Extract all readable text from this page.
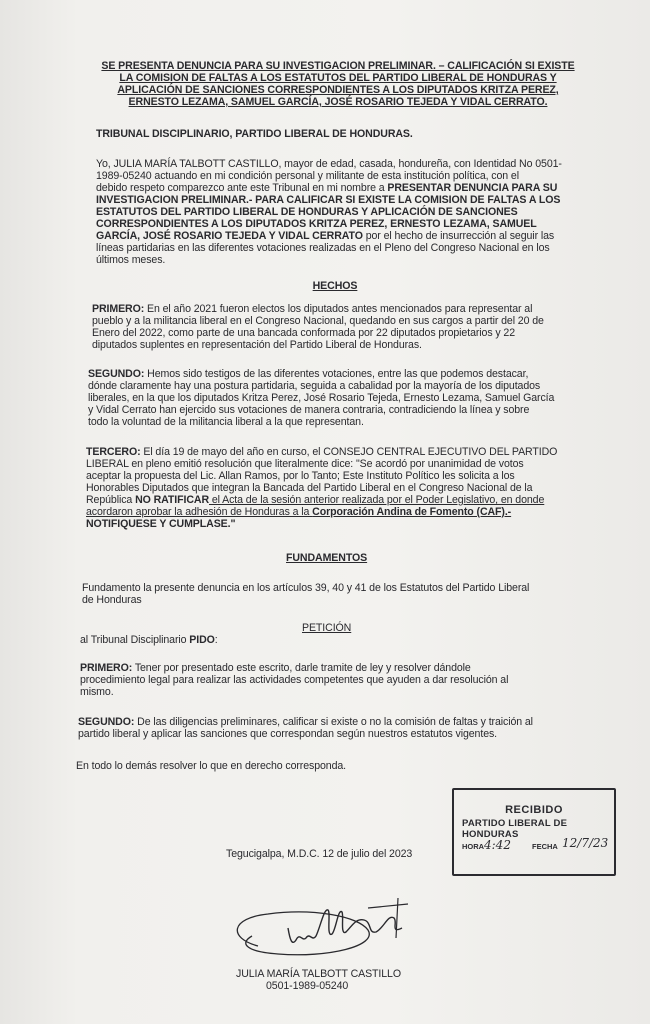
SE PRESENTA DENUNCIA PARA SU INVESTIGACION PRELIMINAR. – CALIFICACIÓN SI EXISTE
LA COMISION DE FALTAS A LOS ESTATUTOS DEL PARTIDO LIBERAL DE HONDURAS Y
APLICACIÓN DE SANCIONES CORRESPONDIENTES A LOS DIPUTADOS KRITZA PEREZ,
ERNESTO LEZAMA, SAMUEL GARCÍA, JOSÉ ROSARIO TEJEDA Y VIDAL CERRATO.
TRIBUNAL DISCIPLINARIO, PARTIDO LIBERAL DE HONDURAS.
Yo, JULIA MARÍA TALBOTT CASTILLO, mayor de edad, casada, hondureña, con Identidad No 0501-
1989-05240 actuando en mi condición personal y militante de esta institución política, con el
debido respeto comparezco ante este Tribunal en mi nombre a PRESENTAR DENUNCIA PARA SU
INVESTIGACION PRELIMINAR.- PARA CALIFICAR SI EXISTE LA COMISION DE FALTAS A LOS
ESTATUTOS DEL PARTIDO LIBERAL DE HONDURAS Y APLICACIÓN DE SANCIONES
CORRESPONDIENTES A LOS DIPUTADOS KRITZA PEREZ, ERNESTO LEZAMA, SAMUEL
GARCÍA, JOSÉ ROSARIO TEJEDA Y VIDAL CERRATO por el hecho de insurrección al seguir las
líneas partidarias en las diferentes votaciones realizadas en el Pleno del Congreso Nacional en los
últimos meses.
HECHOS
PRIMERO: En el año 2021 fueron electos los diputados antes mencionados para representar al
pueblo y a la militancia liberal en el Congreso Nacional, quedando en sus cargos a partir del 20 de
Enero del 2022, como parte de una bancada conformada por 22 diputados propietarios y 22
diputados suplentes en representación del Partido Liberal de Honduras.
SEGUNDO: Hemos sido testigos de las diferentes votaciones, entre las que podemos destacar,
dónde claramente hay una postura partidaria, seguida a cabalidad por la mayoría de los diputados
liberales, en la que los diputados Kritza Perez, José Rosario Tejeda, Ernesto Lezama, Samuel García
y Vidal Cerrato han ejercido sus votaciones de manera contraria, contradiciendo la línea y sobre
todo la voluntad de la militancia liberal a la que representan.
TERCERO: El día 19 de mayo del año en curso, el CONSEJO CENTRAL EJECUTIVO DEL PARTIDO
LIBERAL en pleno emitió resolución que literalmente dice: "Se acordó por unanimidad de votos
aceptar la propuesta del Lic. Allan Ramos, por lo Tanto; Este Instituto Político les solicita a los
Honorables Diputados que integran la Bancada del Partido Liberal en el Congreso Nacional de la
República NO RATIFICAR el Acta de la sesión anterior realizada por el Poder Legislativo, en donde
acordaron aprobar la adhesión de Honduras a la Corporación Andina de Fomento (CAF).-
NOTIFIQUESE Y CUMPLASE."
FUNDAMENTOS
Fundamento la presente denuncia en los artículos 39, 40 y 41 de los Estatutos del Partido Liberal
de Honduras
PETICIÓN
al Tribunal Disciplinario PIDO:
PRIMERO: Tener por presentado este escrito, darle tramite de ley y resolver dándole
procedimiento legal para realizar las actividades competentes que ayuden a dar resolución al
mismo.
SEGUNDO: De las diligencias preliminares, calificar si existe o no la comisión de faltas y traición al
partido liberal y aplicar las sanciones que correspondan según nuestros estatutos vigentes.
En todo lo demás resolver lo que en derecho corresponda.
RECIBIDO
PARTIDO LIBERAL DE HONDURAS
HORA 4:42	FECHA 12/7/23
Tegucigalpa, M.D.C. 12 de julio del 2023
JULIA MARÍA TALBOTT CASTILLO
0501-1989-05240
